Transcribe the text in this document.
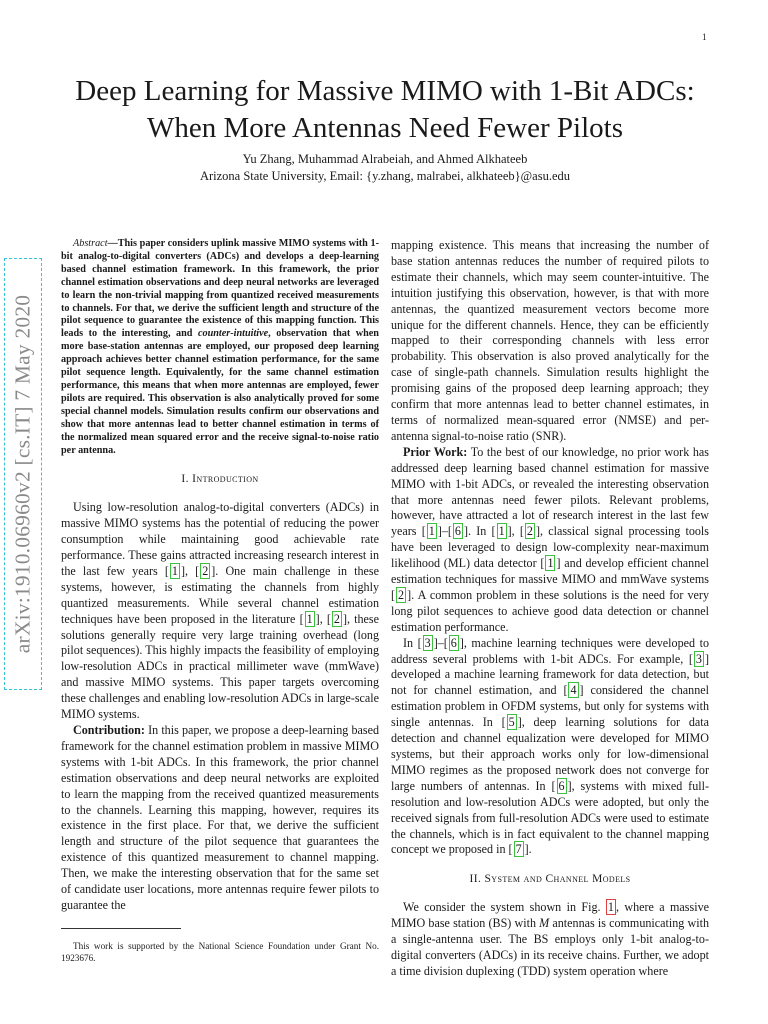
1
arXiv:1910.06960v2 [cs.IT] 7 May 2020
Deep Learning for Massive MIMO with 1-Bit ADCs: When More Antennas Need Fewer Pilots
Yu Zhang, Muhammad Alrabeiah, and Ahmed Alkhateeb
Arizona State University, Email: {y.zhang, malrabei, alkhateeb}@asu.edu

Abstract—This paper considers uplink massive MIMO systems with 1-bit analog-to-digital converters (ADCs) and develops a deep-learning based channel estimation framework. In this framework, the prior channel estimation observations and deep neural networks are leveraged to learn the non-trivial mapping from quantized received measurements to channels. For that, we derive the sufficient length and structure of the pilot sequence to guarantee the existence of this mapping function. This leads to the interesting, and counter-intuitive, observation that when more base-station antennas are employed, our proposed deep learning approach achieves better channel estimation performance, for the same pilot sequence length. Equivalently, for the same channel estimation performance, this means that when more antennas are employed, fewer pilots are required. This observation is also analytically proved for some special channel models. Simulation results confirm our observations and show that more antennas lead to better channel estimation in terms of the normalized mean squared error and the receive signal-to-noise ratio per antenna.

I. Introduction

Using low-resolution analog-to-digital converters (ADCs) in massive MIMO systems has the potential of reducing the power consumption while maintaining good achievable rate performance. These gains attracted increasing research interest in the last few years [ 1 ], [ 2 ]. One main challenge in these systems, however, is estimating the channels from highly quantized measurements. While several channel estimation techniques have been proposed in the literature [ 1 ], [ 2 ], these solutions generally require very large training overhead (long pilot sequences). This highly impacts the feasibility of employing low-resolution ADCs in practical millimeter wave (mmWave) and massive MIMO systems. This paper targets overcoming these challenges and enabling low-resolution ADCs in large-scale MIMO systems.

Contribution: In this paper, we propose a deep-learning based framework for the channel estimation problem in massive MIMO systems with 1-bit ADCs. In this framework, the prior channel estimation observations and deep neural networks are exploited to learn the mapping from the received quantized measurements to the channels. Learning this mapping, however, requires its existence in the first place. For that, we derive the sufficient length and structure of the pilot sequence that guarantees the existence of this quantized measurement to channel mapping. Then, we make the interesting observation that for the same set of candidate user locations, more antennas require fewer pilots to guarantee the

This work is supported by the National Science Foundation under Grant No. 1923676.

mapping existence. This means that increasing the number of base station antennas reduces the number of required pilots to estimate their channels, which may seem counter-intuitive. The intuition justifying this observation, however, is that with more antennas, the quantized measurement vectors become more unique for the different channels. Hence, they can be efficiently mapped to their corresponding channels with less error probability. This observation is also proved analytically for the case of single-path channels. Simulation results highlight the promising gains of the proposed deep learning approach; they confirm that more antennas lead to better channel estimates, in terms of normalized mean-squared error (NMSE) and per-antenna signal-to-noise ratio (SNR).

Prior Work: To the best of our knowledge, no prior work has addressed deep learning based channel estimation for massive MIMO with 1-bit ADCs, or revealed the interesting observation that more antennas need fewer pilots. Relevant problems, however, have attracted a lot of research interest in the last few years [ 1 ]–[ 6 ]. In [ 1 ], [ 2 ], classical signal processing tools have been leveraged to design low-complexity near-maximum likelihood (ML) data detector [ 1 ] and develop efficient channel estimation techniques for massive MIMO and mmWave systems [ 2 ]. A common problem in these solutions is the need for very long pilot sequences to achieve good data detection or channel estimation performance.

In [ 3 ]–[ 6 ], machine learning techniques were developed to address several problems with 1-bit ADCs. For example, [ 3 ] developed a machine learning framework for data detection, but not for channel estimation, and [ 4 ] considered the channel estimation problem in OFDM systems, but only for systems with single antennas. In [ 5 ], deep learning solutions for data detection and channel equalization were developed for MIMO systems, but their approach works only for low-dimensional MIMO regimes as the proposed network does not converge for large numbers of antennas. In [ 6 ], systems with mixed full-resolution and low-resolution ADCs were adopted, but only the received signals from full-resolution ADCs were used to estimate the channels, which is in fact equivalent to the channel mapping concept we proposed in [ 7 ].

II. System and Channel Models

We consider the system shown in Fig. 1 , where a massive MIMO base station (BS) with M antennas is communicating with a single-antenna user. The BS employs only 1-bit analog-to-digital converters (ADCs) in its receive chains. Further, we adopt a time division duplexing (TDD) system operation where
